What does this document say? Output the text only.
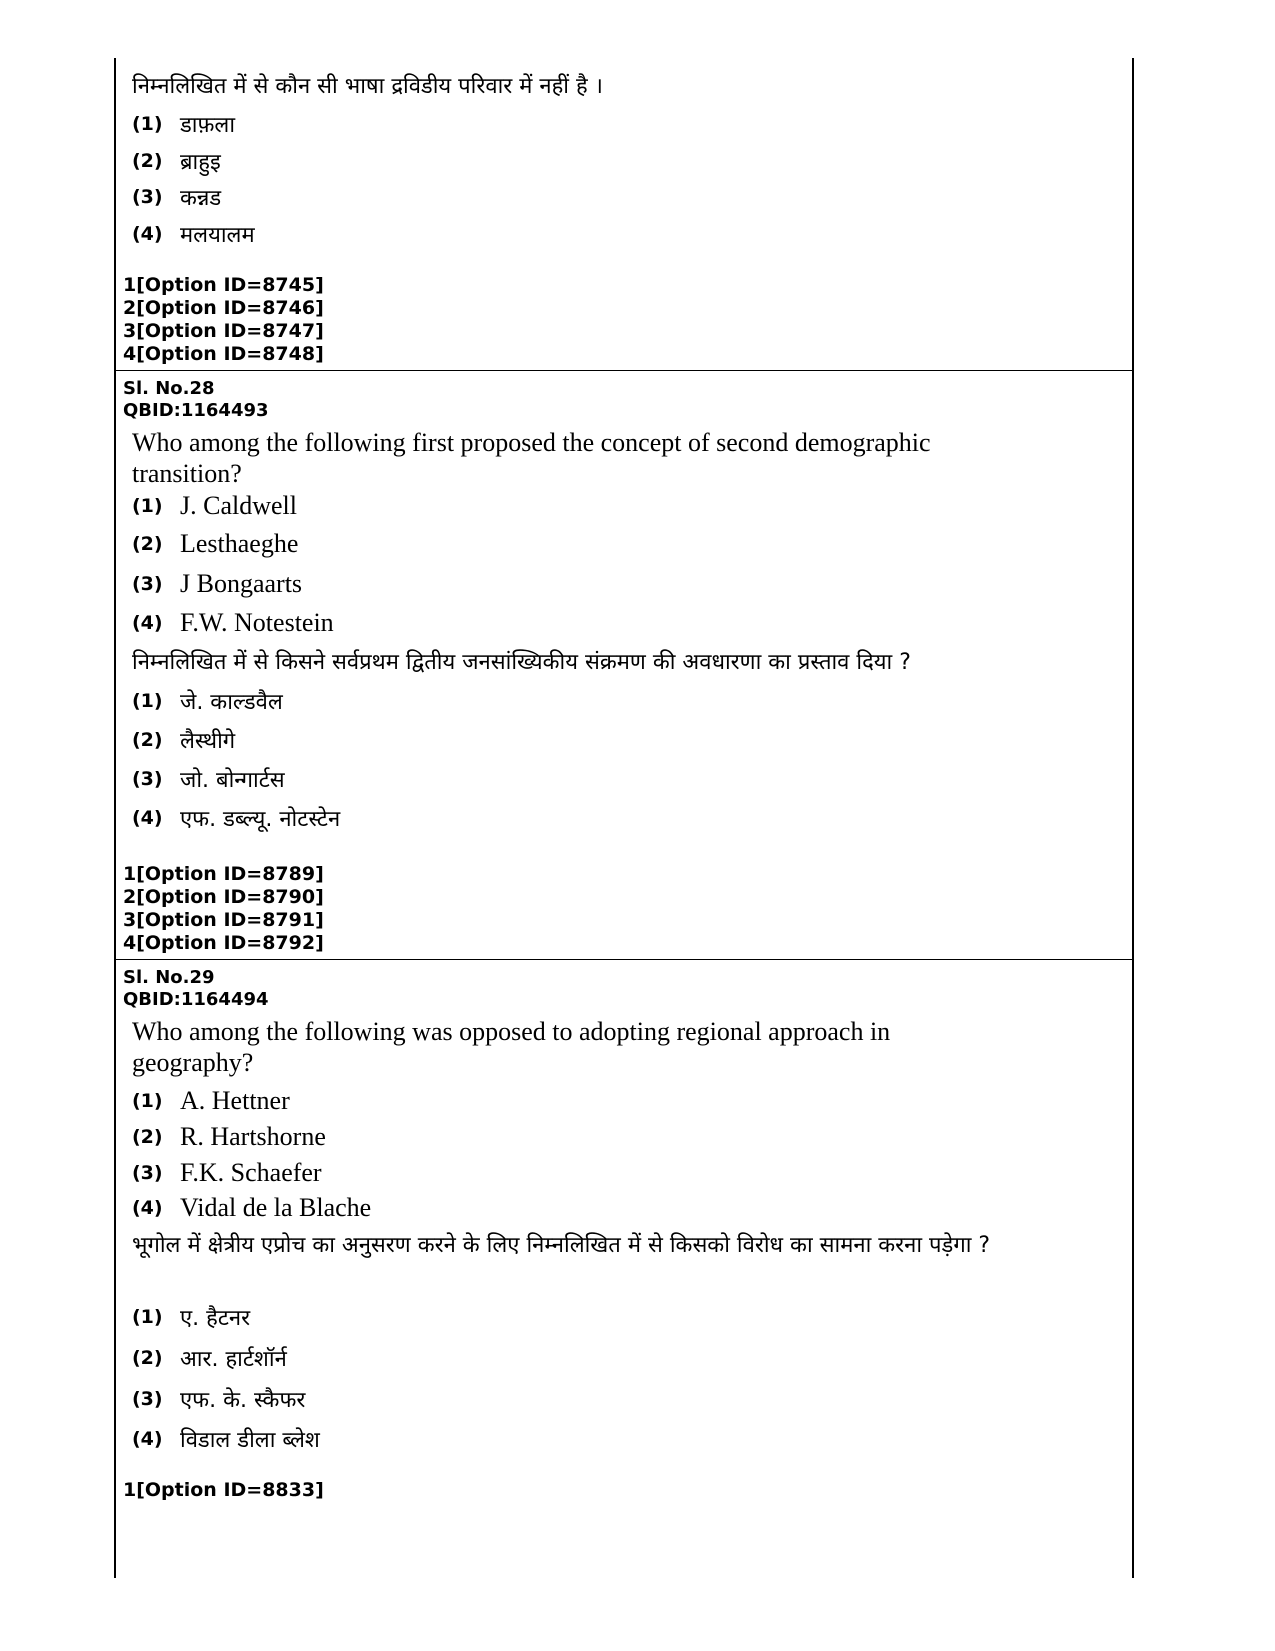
निम्नलिखित में से कौन सी भाषा द्रविडीय परिवार में नहीं है ।
(1) डाफ़ला
(2) ब्राहुइ
(3) कन्नड
(4) मलयालम
1[Option ID=8745]
2[Option ID=8746]
3[Option ID=8747]
4[Option ID=8748]
Sl. No.28
QBID:1164493
Who among the following first proposed the concept of second demographic transition?
(1) J. Caldwell
(2) Lesthaeghe
(3) J Bongaarts
(4) F.W. Notestein
निम्नलिखित में से किसने सर्वप्रथम द्वितीय जनसांख्यिकीय संक्रमण की अवधारणा का प्रस्ताव दिया ?
(1) जे. काल्डवैल
(2) लैस्थीगे
(3) जो. बोन्गार्टस
(4) एफ. डब्ल्यू. नोटस्टेन
1[Option ID=8789]
2[Option ID=8790]
3[Option ID=8791]
4[Option ID=8792]
Sl. No.29
QBID:1164494
Who among the following was opposed to adopting regional approach in geography?
(1) A. Hettner
(2) R. Hartshorne
(3) F.K. Schaefer
(4) Vidal de la Blache
भूगोल में क्षेत्रीय एप्रोच का अनुसरण करने के लिए निम्नलिखित में से किसको विरोध का सामना करना पड़ेगा ?
(1) ए. हैटनर
(2) आर. हार्टशॉर्न
(3) एफ. के. स्कैफर
(4) विडाल डीला ब्लेश
1[Option ID=8833]
